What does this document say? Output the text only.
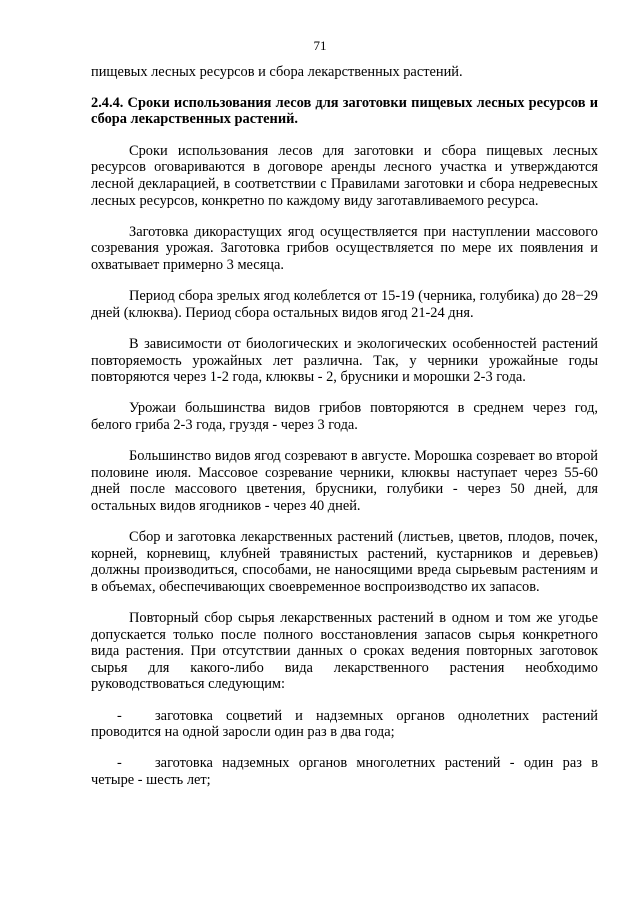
71

пищевых лесных ресурсов и сбора лекарственных растений.

2.4.4. Сроки использования лесов для заготовки пищевых лесных ресурсов и сбора лекарственных растений.

Сроки использования лесов для заготовки и сбора пищевых лесных ресурсов оговариваются в договоре аренды лесного участка и утверждаются лесной декларацией, в соответствии с Правилами заготовки и сбора недревесных лесных ресурсов, конкретно по каждому виду заготавливаемого ресурса.

Заготовка дикорастущих ягод осуществляется при наступлении массового созревания урожая. Заготовка грибов осуществляется по мере их появления и охватывает примерно 3 месяца.

Период сбора зрелых ягод колеблется от 15-19 (черника, голубика) до 28−29 дней (клюква). Период сбора остальных видов ягод 21-24 дня.

В зависимости от биологических и экологических особенностей растений повторяемость урожайных лет различна. Так, у черники урожайные годы повторяются через 1-2 года, клюквы - 2, брусники и морошки 2-3 года.

Урожаи большинства видов грибов повторяются в среднем через год, белого гриба 2-3 года, груздя - через 3 года.

Большинство видов ягод созревают в августе. Морошка созревает во второй половине июля. Массовое созревание черники, клюквы наступает через 55-60 дней после массового цветения, брусники, голубики - через 50 дней, для остальных видов ягодников - через 40 дней.

Сбор и заготовка лекарственных растений (листьев, цветов, плодов, почек, корней, корневищ, клубней травянистых растений, кустарников и деревьев) должны производиться, способами, не наносящими вреда сырьевым растениям и в объемах, обеспечивающих своевременное воспроизводство их запасов.

Повторный сбор сырья лекарственных растений в одном и том же угодье допускается только после полного восстановления запасов сырья конкретного вида растения. При отсутствии данных о сроках ведения повторных заготовок сырья для какого-либо вида лекарственного растения необходимо руководствоваться следующим:

- заготовка соцветий и надземных органов однолетних растений проводится на одной заросли один раз в два года;
- заготовка надземных органов многолетних растений - один раз в четыре - шесть лет;
